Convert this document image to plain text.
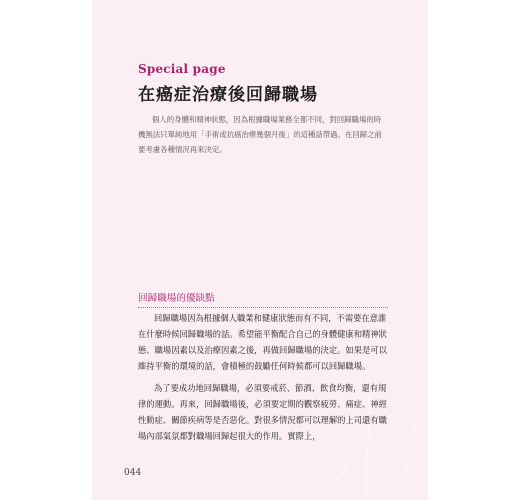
Special page
在癌症治療後回歸職場

個人的身體和精神狀態，因為根據職場業務全都不同，對回歸職場的時機無法只單純地用「手術或抗癌治療幾個月後」的這種話帶過。在回歸之前要考慮各種情況再來決定。

回歸職場的優缺點

回歸職場因為根據個人職業和健康狀態而有不同，不需要在意誰在什麼時候回歸職場的話。希望能平衡配合自己的身體健康和精神狀態、職場因素以及治療因素之後，再做回歸職場的決定。如果是可以維持平衡的環境的話，會積極的鼓勵任何時候都可以回歸職場。

為了要成功地回歸職場，必須要戒菸、節酒、飲食均衡，還有規律的運動。再來，回歸職場後，必須要定期的觀察疲勞、痛症、神經性動症、關節疾病等是否惡化。對很多情況都可以理解的上司還有職場內部氣氛都對職場回歸起很大的作用。實際上，

044
